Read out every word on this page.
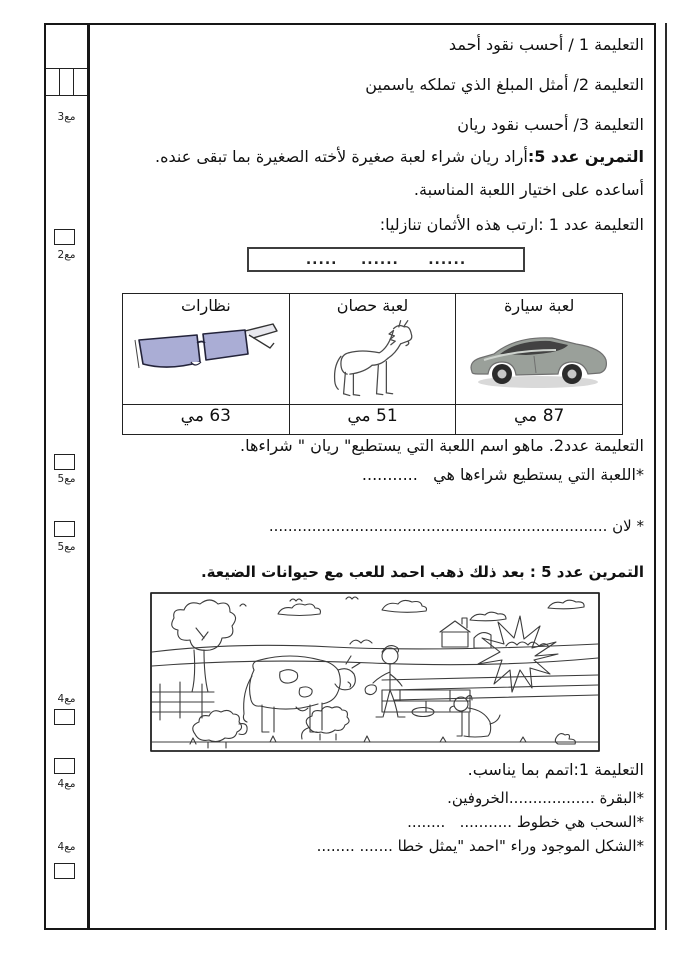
مع3
مع2
مع5
مع5
مع4
مع4
مع4
التعليمة 1 / أحسب نقود أحمد
التعليمة 2/ أمثل المبلغ الذي تملكه ياسمين
التعليمة 3/ أحسب نقود ريان
التمرين عدد 5:أراد ريان شراء لعبة صغيرة لأخته الصغيرة بما تبقى عنده.
أساعده على اختيار اللعبة المناسبة.
التعليمة عدد 1 :ارتب هذه الأثمان تنازليا:
......     ......    .....
لعبة سيارة	لعبة حصان	نظارات

87 مي	51 مي	63 مي
التعليمة عدد2. ماهو اسم اللعبة التي يستطيع" ريان " شراءها.
*اللعبة التي يستطيع شراءها هي   ...........
* لان .......................................................................
التمرين عدد 5 : بعد ذلك ذهب احمد للعب مع حيوانات الضيعة.
التعليمة 1:اتمم بما يناسب.
*البقرة ..................الخروفين.
*السحب هي خطوط ...........   ........
*الشكل الموجود وراء "احمد "يمثل خطا ....... ........
